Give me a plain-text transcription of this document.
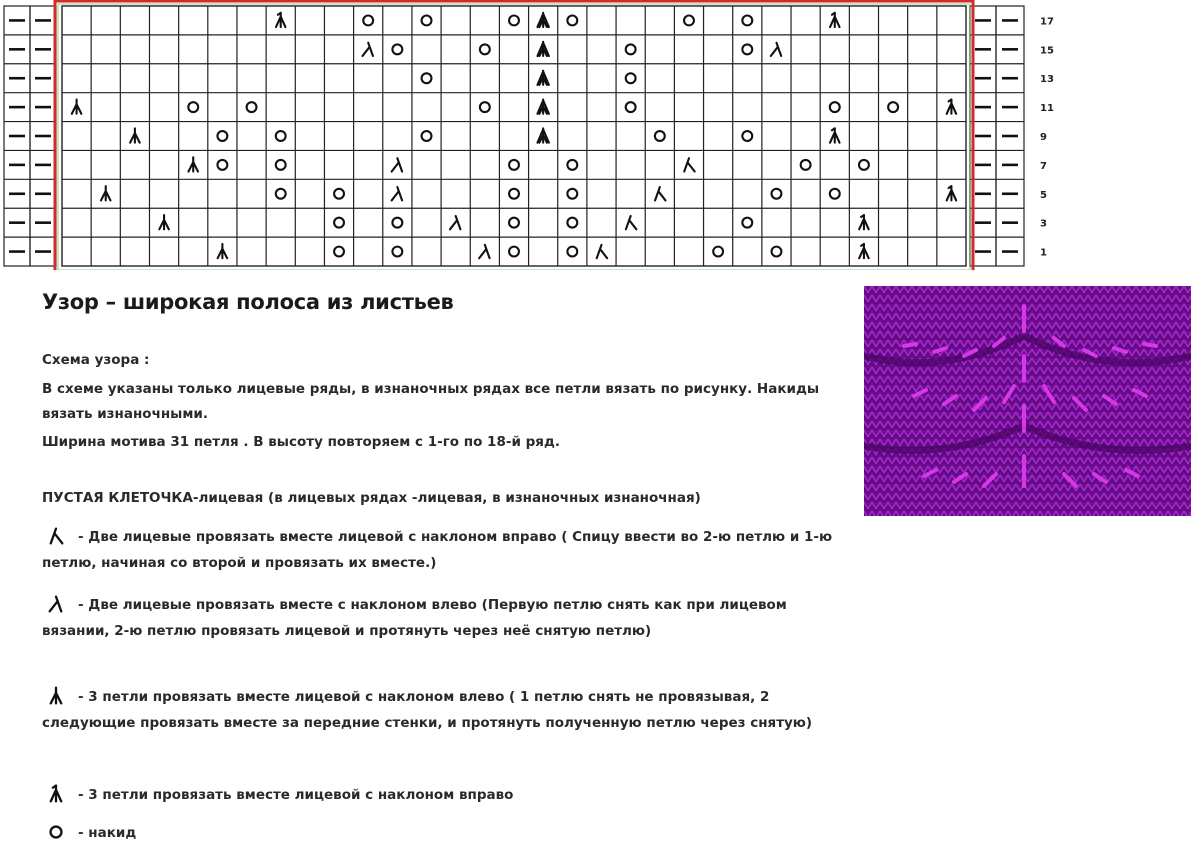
17
15
13
11
9
7
5
3
1
Узор – широкая полоса из листьев
Схема узора :
В схеме указаны только лицевые ряды, в изнаночных рядах все петли вязать по рисунку. Накиды вязать изнаночными.
Ширина мотива 31 петля . В высоту повторяем с 1-го по 18-й ряд.
ПУСТАЯ КЛЕТОЧКА-лицевая (в лицевых рядах -лицевая, в изнаночных изнаночная)
- Две лицевые провязать вместе лицевой с наклоном вправо ( Спицу ввести во 2-ю петлю и 1-ю петлю, начиная со второй и провязать их вместе.)
- Две лицевые провязать вместе с наклоном влево (Первую петлю снять как при лицевом вязании, 2-ю петлю провязать лицевой и протянуть через неё снятую петлю)
- 3 петли провязать вместе лицевой с наклоном влево ( 1 петлю снять не провязывая, 2 следующие провязать вместе за передние стенки, и протянуть полученную петлю через снятую)
- 3 петли провязать вместе лицевой с наклоном вправо
- накид
